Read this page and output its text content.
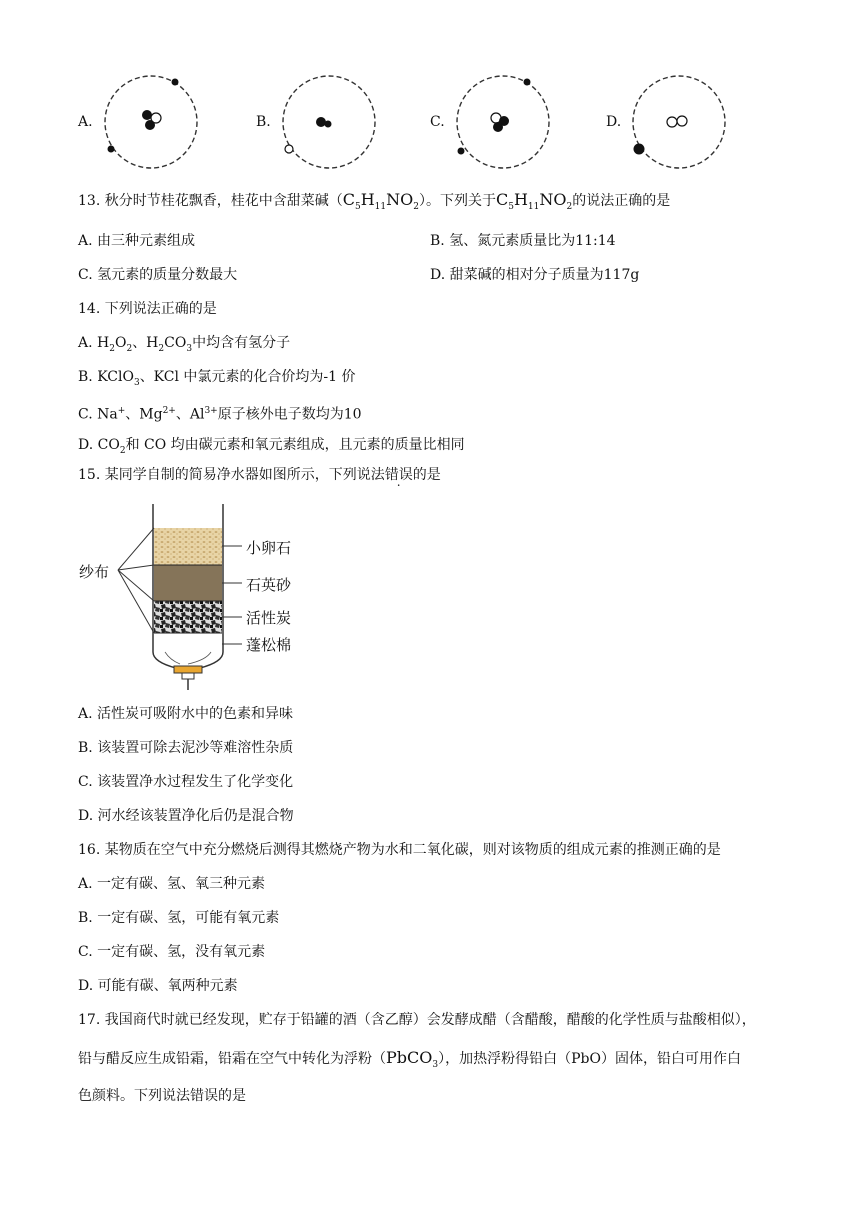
A.	B.	C.	D.
13. 秋分时节桂花飘香，桂花中含甜菜碱$(C_5H_{11}NO_2)$。下列关于$C_5H_{11}NO_2$的说法正确的是
A. 由三种元素组成	B. 氢、氮元素质量比为11:14
C. 氢元素的质量分数最大	D. 甜菜碱的相对分子质量为117g
14. 下列说法正确的是
A. $H_2O_2$、$H_2CO_3$中均含有氢分子
B. KClO$_3$、KCl 中氯元素的化合价均为-1 价
C. Na+、$Mg^{2+}$、$Al^{3+}$原子核外电子数均为10
D. $CO_2$和 CO 均由碳元素和氧元素组成，且元素的质量比相同
15. 某同学自制的简易净水器如图所示，下列说法错误的是
纱布
小卵石
石英砂
活性炭
蓬松棉
A. 活性炭可吸附水中的色素和异味
B. 该装置可除去泥沙等难溶性杂质
C. 该装置净水过程发生了化学变化
D. 河水经该装置净化后仍是混合物
16. 某物质在空气中充分燃烧后测得其燃烧产物为水和二氧化碳，则对该物质的组成元素的推测正确的是
A. 一定有碳、氢、氧三种元素
B. 一定有碳、氢，可能有氧元素
C. 一定有碳、氢，没有氧元素
D. 可能有碳、氧两种元素
17. 我国商代时就已经发现，贮存于铅罐的酒（含乙醇）会发酵成醋（含醋酸，醋酸的化学性质与盐酸相似），
铅与醋反应生成铅霜，铅霜在空气中转化为浮粉（PbCO$_3$），加热浮粉得铅白（PbO）固体，铅白可用作白
色颜料。下列说法错误的是
